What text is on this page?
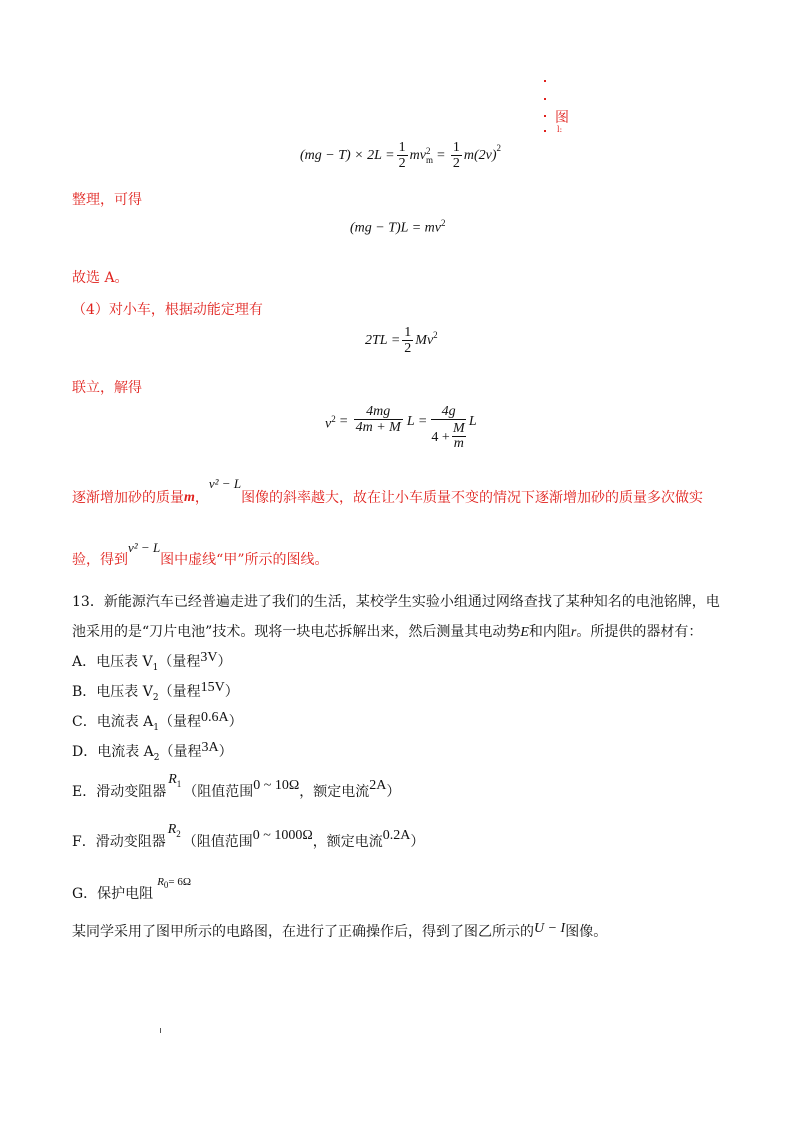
图
l:
$(mg - T) \times 2L = \frac{1}{2}$ mv 2
$m = \frac{1}{2} m(2v)^2$
整理，可得
$(mg - T)L = mv^2$
故选 A。
（4）对小车，根据动能定理有
$2TL = \frac{1}{2} Mv^2$
联立，解得
$v^2 = \frac{4mg}{4m + M}$ $L = \frac{4g}{4 + \frac{M}{m}}$ L
逐渐增加砂的质量 m ，
v² − L
图像的斜率越大，故在让小车质量不变的情况下逐渐增加砂的质量多次做实
验，得到
v² − L
图中虚线“甲”所示的图线。
13．新能源汽车已经普遍走进了我们的生活，某校学生实验小组通过网络查找了某种知名的电池铭牌，电
池采用的是“刀片电池”技术。现将一块电芯拆解出来，然后测量其电动势E和内阻r。所提供的器材有：
A．电压表 $V_1$（量程3V）
B．电压表 $V_2$（量程15V）
C．电流表 $A_1$（量程0.6A）
D．电流表 $A_2$（量程3A）
E．滑动变阻器
$R_1$
（阻值范围 0 ~ 10Ω ，额定电流 2A ）
F．滑动变阻器
$R_2$
（阻值范围 0 ~ 1000Ω ，额定电流 0.2A ）
G．保护电阻
$R_0= 6\Omega$
某同学采用了图甲所示的电路图，在进行了正确操作后，得到了图乙所示的U − I图像。
